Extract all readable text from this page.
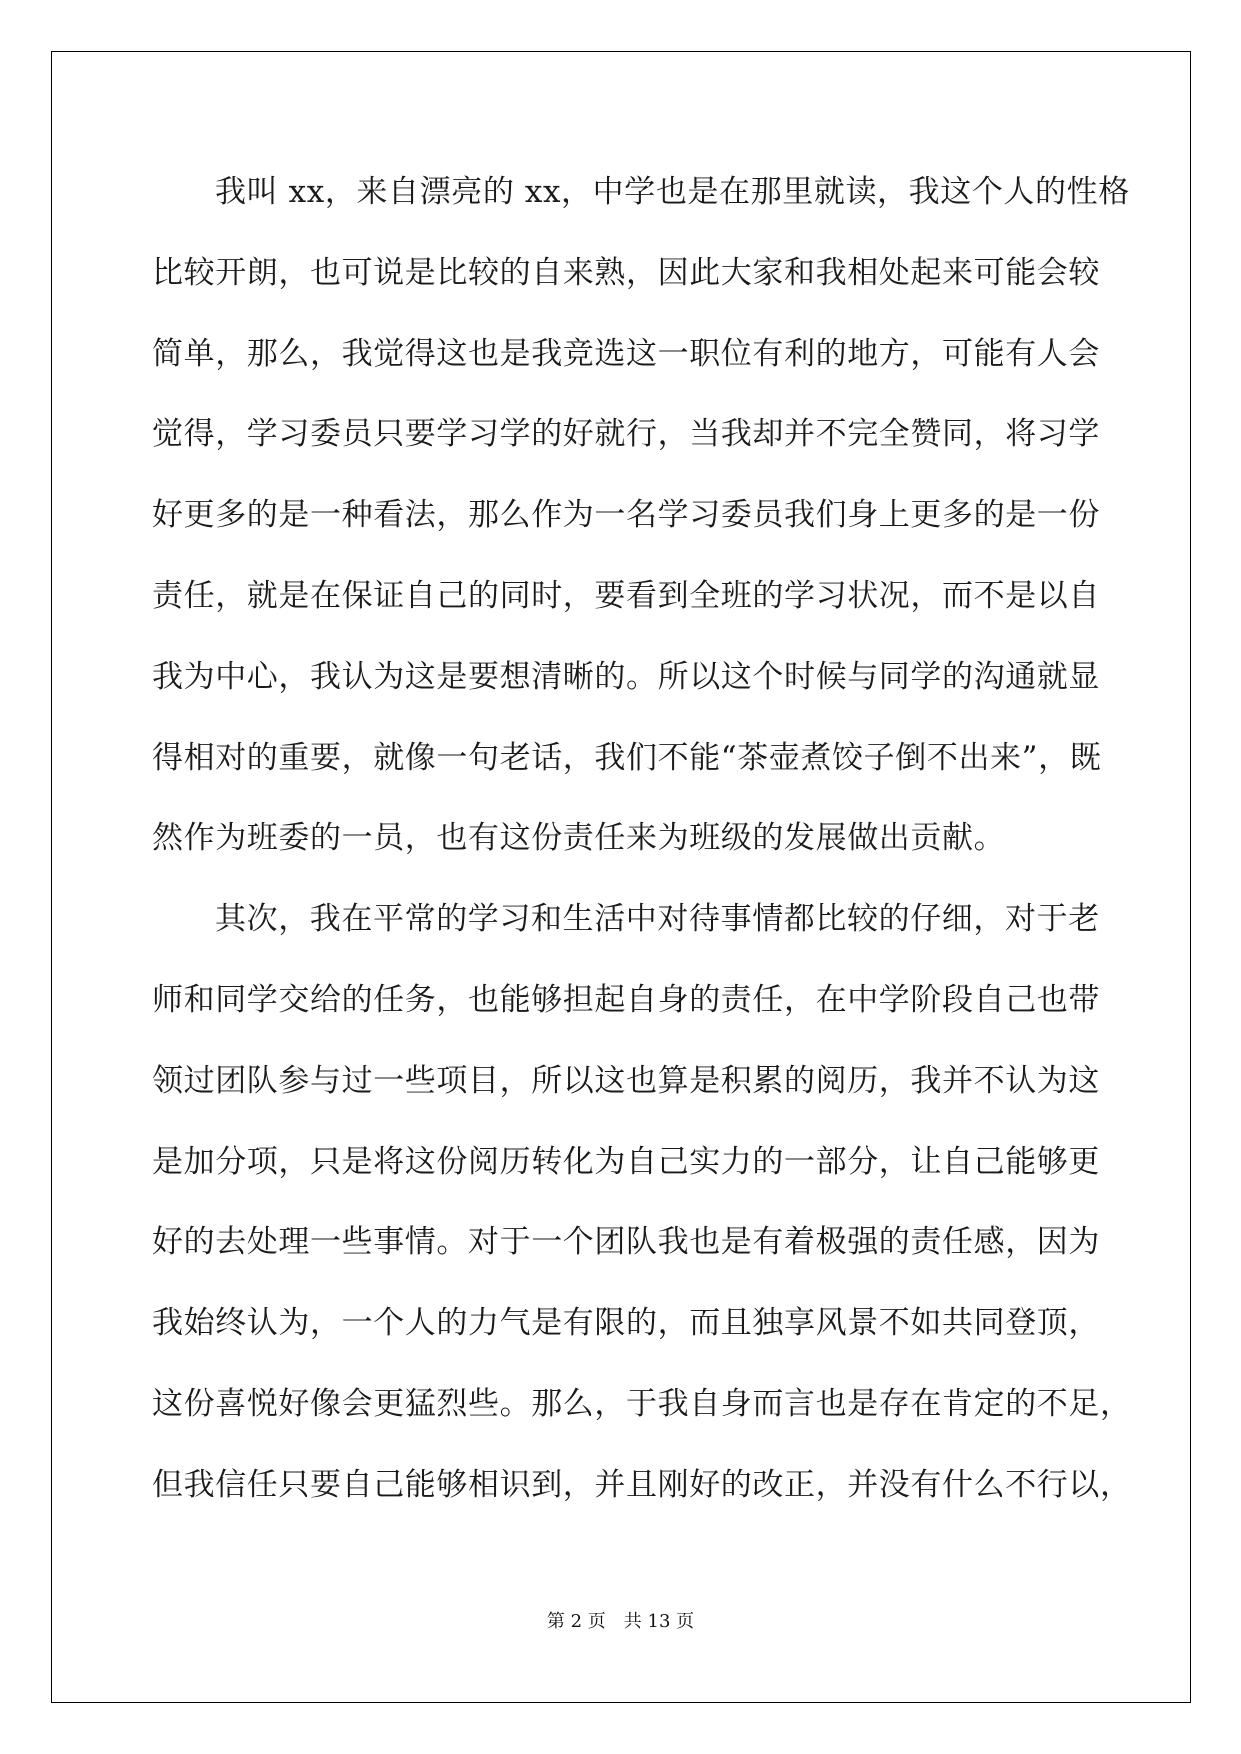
我叫 xx，来自漂亮的 xx，中学也是在那里就读，我这个人的性格
比较开朗，也可说是比较的自来熟，因此大家和我相处起来可能会较
简单，那么，我觉得这也是我竞选这一职位有利的地方，可能有人会
觉得，学习委员只要学习学的好就行，当我却并不完全赞同，将习学
好更多的是一种看法，那么作为一名学习委员我们身上更多的是一份
责任，就是在保证自己的同时，要看到全班的学习状况，而不是以自
我为中心，我认为这是要想清晰的。所以这个时候与同学的沟通就显
得相对的重要，就像一句老话，我们不能“茶壶煮饺子倒不出来”，既
然作为班委的一员，也有这份责任来为班级的发展做出贡献。
其次，我在平常的学习和生活中对待事情都比较的仔细，对于老
师和同学交给的任务，也能够担起自身的责任，在中学阶段自己也带
领过团队参与过一些项目，所以这也算是积累的阅历，我并不认为这
是加分项，只是将这份阅历转化为自己实力的一部分，让自己能够更
好的去处理一些事情。对于一个团队我也是有着极强的责任感，因为
我始终认为，一个人的力气是有限的，而且独享风景不如共同登顶，
这份喜悦好像会更猛烈些。那么，于我自身而言也是存在肯定的不足，
但我信任只要自己能够相识到，并且刚好的改正，并没有什么不行以，
第 2 页　共 13 页
